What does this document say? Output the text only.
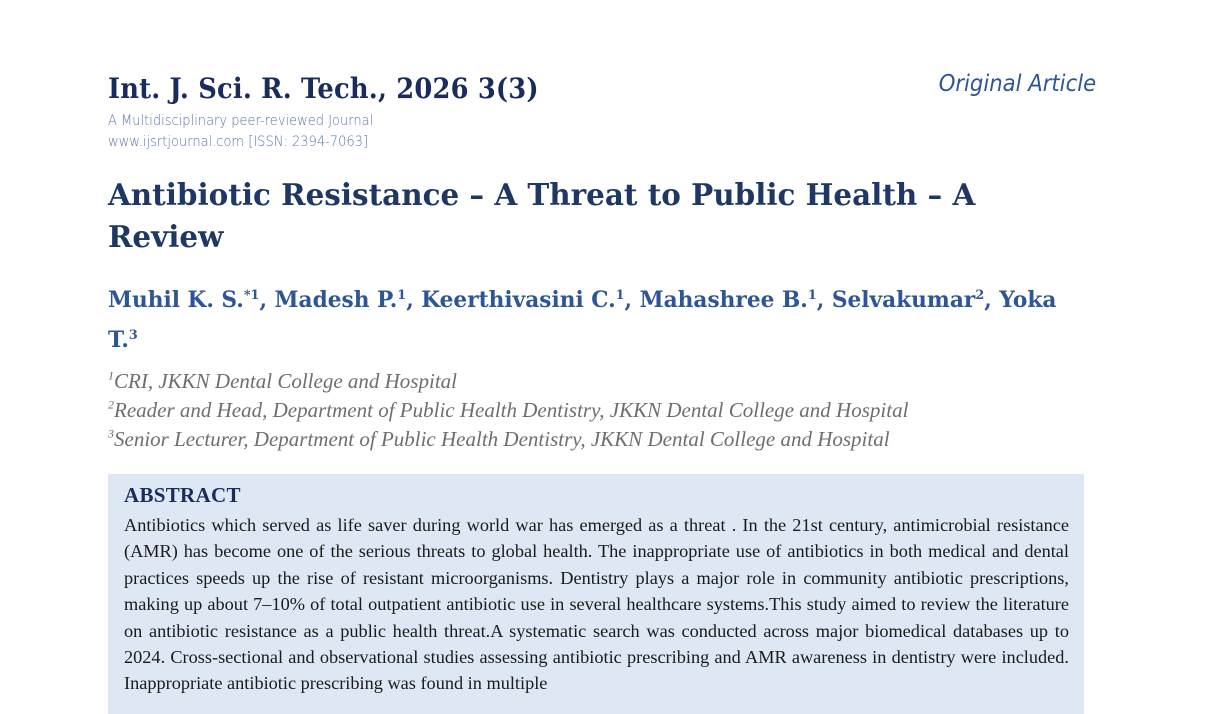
Int. J. Sci. R. Tech., 2026 3(3)
A Multidisciplinary peer-reviewed Journal
www.ijsrtjournal.com [ISSN: 2394-7063]
Original Article
Antibiotic Resistance – A Threat to Public Health – A Review
Muhil K. S.$^{*1}$, Madesh P.$^1$, Keerthivasini C.$^1$, Mahashree B.$^1$, Selvakumar$^2$, Yoka T.$^3$
$^1$CRI, JKKN Dental College and Hospital
$^2$Reader and Head, Department of Public Health Dentistry, JKKN Dental College and Hospital
$^3$Senior Lecturer, Department of Public Health Dentistry, JKKN Dental College and Hospital
ABSTRACT
Antibiotics which served as life saver during world war has emerged as a threat . In the 21st century, antimicrobial resistance (AMR) has become one of the serious threats to global health. The inappropriate use of antibiotics in both medical and dental practices speeds up the rise of resistant microorganisms. Dentistry plays a major role in community antibiotic prescriptions, making up about 7–10% of total outpatient antibiotic use in several healthcare systems.This study aimed to review the literature on antibiotic resistance as a public health threat.A systematic search was conducted across major biomedical databases up to 2024. Cross-sectional and observational studies assessing antibiotic prescribing and AMR awareness in dentistry were included. Inappropriate antibiotic prescribing was found in multiple
